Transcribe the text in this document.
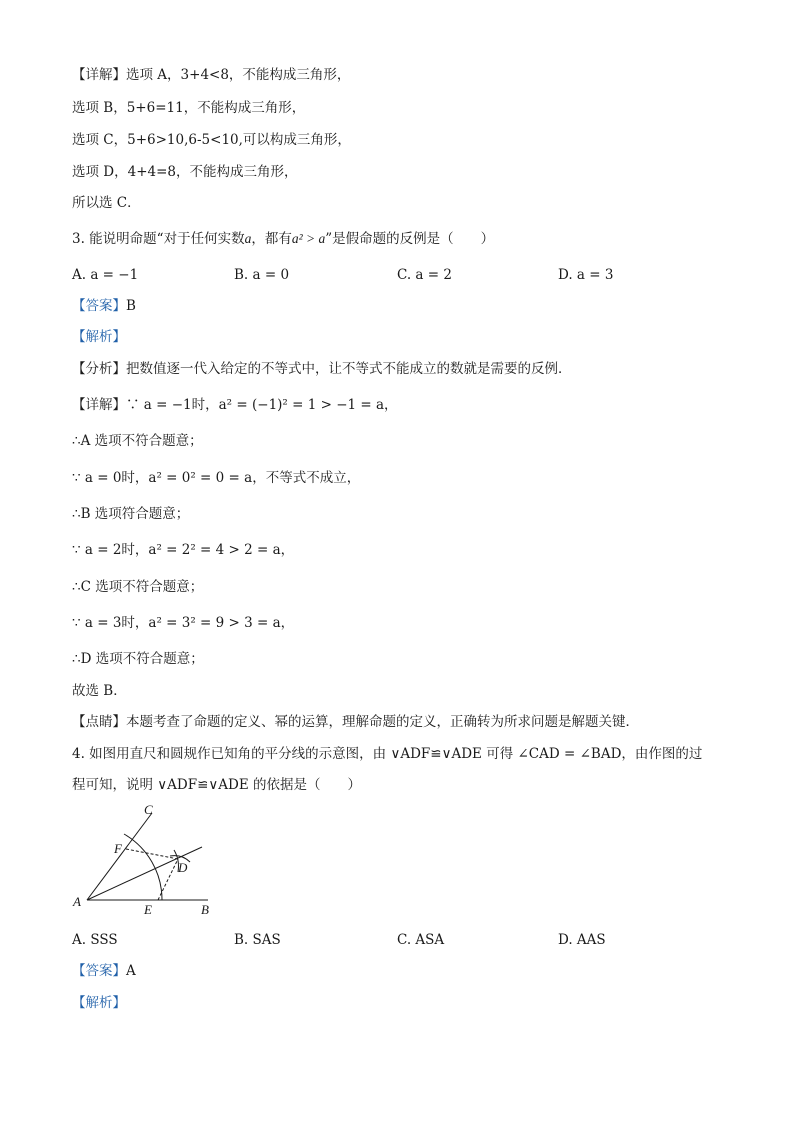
【详解】选项 A，3+4<8，不能构成三角形，
选项 B，5+6=11，不能构成三角形，
选项 C，5+6>10,6-5<10,可以构成三角形，
选项 D，4+4=8，不能构成三角形，
所以选 C．
3. 能说明命题“对于任何实数a，都有a² > a”是假命题的反例是（　　）
A. a = −1	B. a = 0	C. a = 2	D. a = 3
【答案】B
【解析】
【分析】把数值逐一代入给定的不等式中，让不等式不能成立的数就是需要的反例．
【详解】∵ a = −1时，a² = (−1)² = 1 > −1 = a，
∴A 选项不符合题意；
∵ a = 0时，a² = 0² = 0 = a，不等式不成立，
∴B 选项符合题意；
∵ a = 2时，a² = 2² = 4 > 2 = a，
∴C 选项不符合题意；
∵ a = 3时，a² = 3² = 9 > 3 = a，
∴D 选项不符合题意；
故选 B．
【点睛】本题考查了命题的定义、幂的运算，理解命题的定义，正确转为所求问题是解题关键．
4. 如图用直尺和圆规作已知角的平分线的示意图，由 ∨ADF≌∨ADE 可得 ∠CAD = ∠BAD，由作图的过
程可知，说明 ∨ADF≌∨ADE 的依据是（　　）
C
F
D
A
E	B
A. SSS	B. SAS	C. ASA	D. AAS
【答案】A
【解析】
